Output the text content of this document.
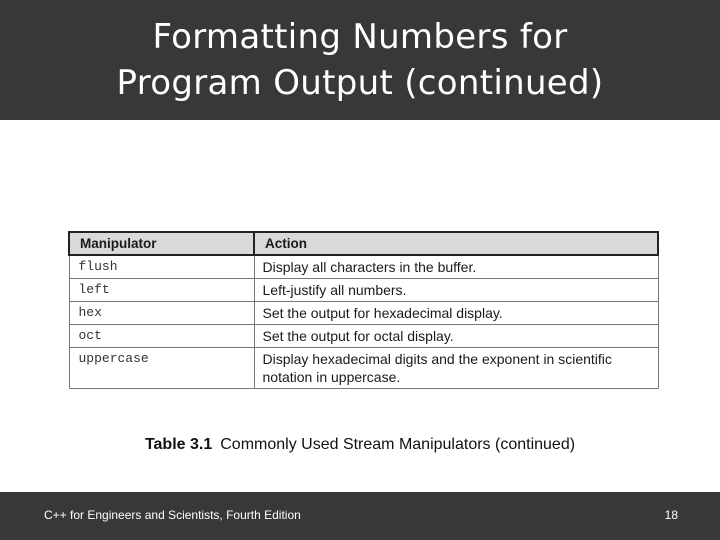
Formatting Numbers for
Program Output (continued)
Manipulator	Action
flush	Display all characters in the buffer.
left	Left-justify all numbers.
hex	Set the output for hexadecimal display.
oct	Set the output for octal display.
uppercase	Display hexadecimal digits and the exponent in scientific notation in uppercase.
Table 3.1 Commonly Used Stream Manipulators (continued)
C++ for Engineers and Scientists, Fourth Edition	18
